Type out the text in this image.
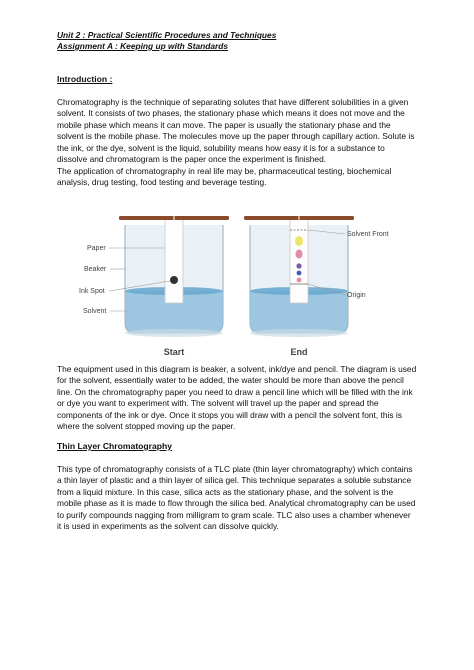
Unit 2 : Practical Scientific Procedures and Techniques

Assignment A : Keeping up with Standards

Introduction :

Chromatography is the technique of separating solutes that have different solubilities in a given solvent. It consists of two phases, the stationary phase which means it does not move and the mobile phase which means it can move. The paper is usually the stationary phase and the solvent is the mobile phase. The molecules move up the paper through capillary action. Solute is the ink, or the dye, solvent is the liquid, solubility means how easy it is for a substance to dissolve and chromatogram is the paper once the experiment is finished.

The application of chromatography in real life may be, pharmaceutical testing, biochemical analysis, drug testing, food testing and beverage testing.

Paper
Beaker
Ink Spot
Solvent
Solvent Front
Origin
Start	End

The equipment used in this diagram is beaker, a solvent, ink/dye and pencil. The diagram is used for the solvent, essentially water to be added, the water should be more than above the pencil line. On the chromatography paper you need to draw a pencil line which will be filled with the ink or dye you want to experiment with. The solvent will travel up the paper and spread the components of the ink or dye. Once it stops you will draw with a pencil the solvent font, this is where the solvent stopped moving up the paper.

Thin Layer Chromatography

This type of chromatography consists of a TLC plate (thin layer chromatography) which contains a thin layer of plastic and a thin layer of silica gel. This technique separates a soluble substance from a liquid mixture. In this case, silica acts as the stationary phase, and the solvent is the mobile phase as it is made to flow through the silica bed. Analytical chromatography can be used to purify compounds nagging from milligram to gram scale. TLC also uses a chamber whenever it is used in experiments as the solvent can dissolve quickly.
